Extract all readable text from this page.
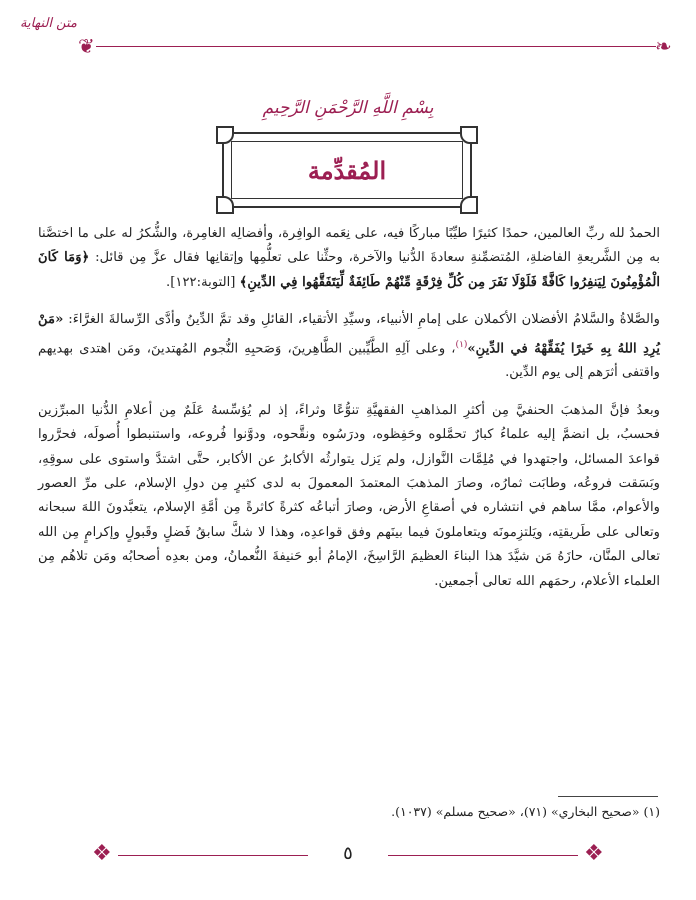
متن النهاية
❦	❧
بِسْمِ اللَّهِ الرَّحْمَنِ الرَّحِيمِ
المُقدِّمة

الحمدُ لله ربِّ العالمين، حمدًا كثيرًا طيِّبًا مباركًا فيه، على نِعَمه الوافِرة، وأفضالِه الغامِرة، والشُّكرُ له على ما اختصَّنا به مِن الشَّريعةِ الفاضلةِ، المُتضمِّنةِ سعادةَ الدُّنيا والآخرة، وحثِّنا على تعلُّمِها وإتقانِها فقال عزَّ مِن قائل: ﴿وَمَا كَانَ الْمُؤْمِنُونَ لِيَنفِرُوا كَافَّةً فَلَوْلَا نَفَرَ مِن كُلِّ فِرْقَةٍ مِّنْهُمْ طَائِفَةٌ لِّيَتَفَقَّهُوا فِي الدِّينِ﴾ [التوبة:١٢٢].

والصَّلاةُ والسَّلامُ الأفضلان الأكملان على إمامِ الأنبياء، وسيِّدِ الأتقياء، القائلِ وقد تمَّ الدِّينُ وأدَّى الرِّسالةَ الغرَّاءَ: «مَنْ يُرِدِ اللهُ بِهِ خَيرًا يُفَقِّهْهُ في الدِّينِ»$^{(١)}$، وعلى آلِهِ الطَّيِّبين الطَّاهِرينَ، وَصَحبِهِ النُّجوم المُهتدينَ، ومَن اهتدى بهديهم واقتفى أثرَهم إلى يوم الدِّين.

وبعدُ فإنَّ المذهبَ الحنفيَّ مِن أكثرِ المذاهبِ الفقهيَّةِ تنوُّعًا وثراءً، إذ لم يُؤسِّسهُ عَلَمٌ مِن أعلامِ الدُّنيا المبرِّزين فحسبُ، بل انضمَّ إليه علماءُ كبارٌ تحمَّلوه وحَفِظوه، ودرَسُوه ونقَّحوه، ودوَّنوا فُروعه، واستنبطوا أُصولَه، فحرَّروا قواعدَ المسائل، واجتهدوا في مُلِمَّات النَّوازل، ولم يَزل يتوارثُه الأكابرُ عن الأكابر، حتَّى اشتدَّ واستوى على سوقِهِ، وبَسَقت فروعُه، وطابَت ثمارُه، وصارَ المذهبَ المعتمدَ المعمولَ به لدى كثيرٍ مِن دولِ الإسلام، على مرِّ العصور والأعوام، ممَّا ساهم في انتشاره في أصقاعِ الأرض، وصارَ أتباعُه كثرةً كاثرةً مِن أمَّةِ الإسلام، يتعبَّدونَ اللهَ سبحانه وتعالى على طَريقتِه، ويَلتزِمونَه ويتعاملونَ فيما بينَهم وفق قواعدِه، وهذا لا شكَّ سابقُ فَضلٍ وقَبولٍ وإكرامٍ مِن الله تعالى المنَّان، حازَهُ مَن شيَّدَ هذا البناءَ العظيمَ الرَّاسِخَ، الإمامُ أبو حَنيفةَ النُّعمانُ، ومن بعدِه أصحابُه ومَن تلاهُم مِن العلماء الأعلام، رحمَهم الله تعالى أجمعين.

(١) «صحيح البخاري» (٧١)، «صحيح مسلم» (١٠٣٧).
❖	٥	❖
